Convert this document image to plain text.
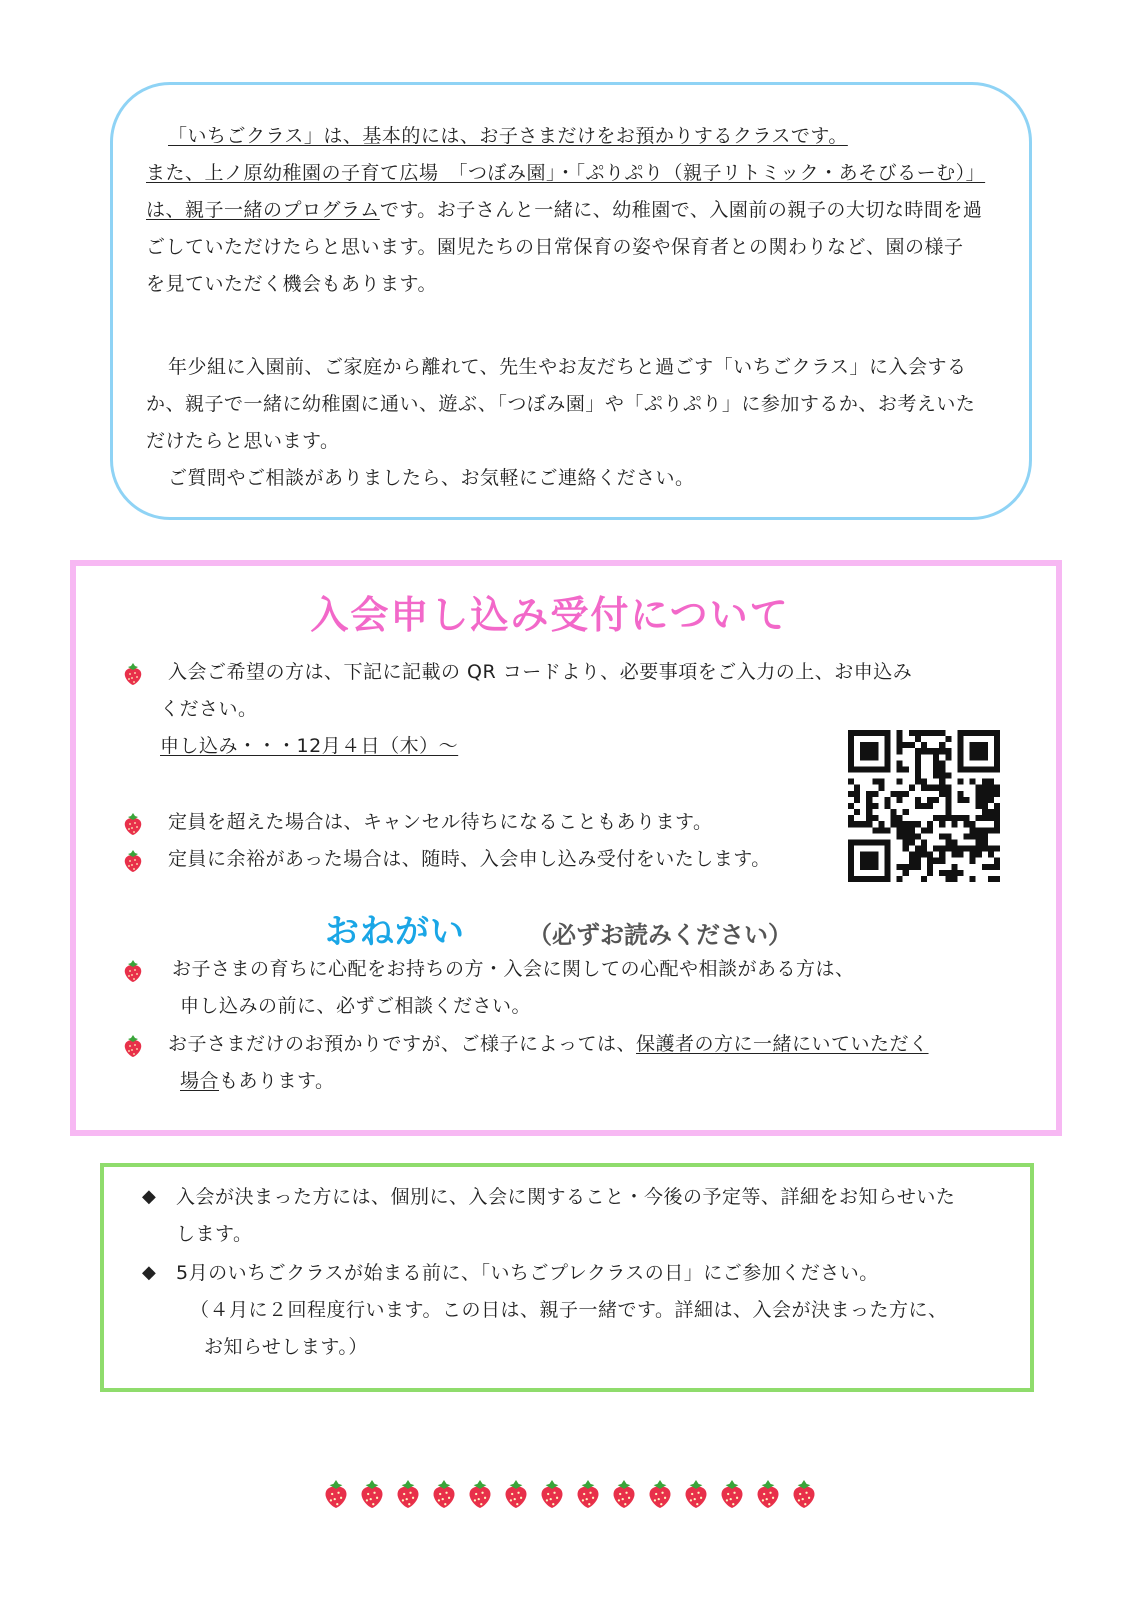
「いちごクラス」は、基本的には、お子さまだけをお預かりするクラスです。
また、上ノ原幼稚園の子育て広場　「つぼみ園」・「ぷりぷり（親子リトミック・あそびるーむ）」
は、親子一緒のプログラムです。お子さんと一緒に、幼稚園で、入園前の親子の大切な時間を過
ごしていただけたらと思います。園児たちの日常保育の姿や保育者との関わりなど、園の様子
を見ていただく機会もあります。
年少組に入園前、ご家庭から離れて、先生やお友だちと過ごす「いちごクラス」に入会する
か、親子で一緒に幼稚園に通い、遊ぶ、「つぼみ園」や「ぷりぷり」に参加するか、お考えいた
だけたらと思います。
ご質問やご相談がありましたら、お気軽にご連絡ください。
入会申し込み受付について
入会ご希望の方は、下記に記載の QR コードより、必要事項をご入力の上、お申込み
ください。
申し込み・・・12月４日（木）～
定員を超えた場合は、キャンセル待ちになることもあります。
定員に余裕があった場合は、随時、入会申し込み受付をいたします。
おねがい	（必ずお読みください）
お子さまの育ちに心配をお持ちの方・入会に関しての心配や相談がある方は、
申し込みの前に、必ずご相談ください。
お子さまだけのお預かりですが、ご様子によっては、保護者の方に一緒にいていただく
場合もあります。
◆ 入会が決まった方には、個別に、入会に関すること・今後の予定等、詳細をお知らせいた
します。
◆ 5月のいちごクラスが始まる前に、「いちごプレクラスの日」にご参加ください。
（４月に２回程度行います。この日は、親子一緒です。詳細は、入会が決まった方に、
お知らせします。）
